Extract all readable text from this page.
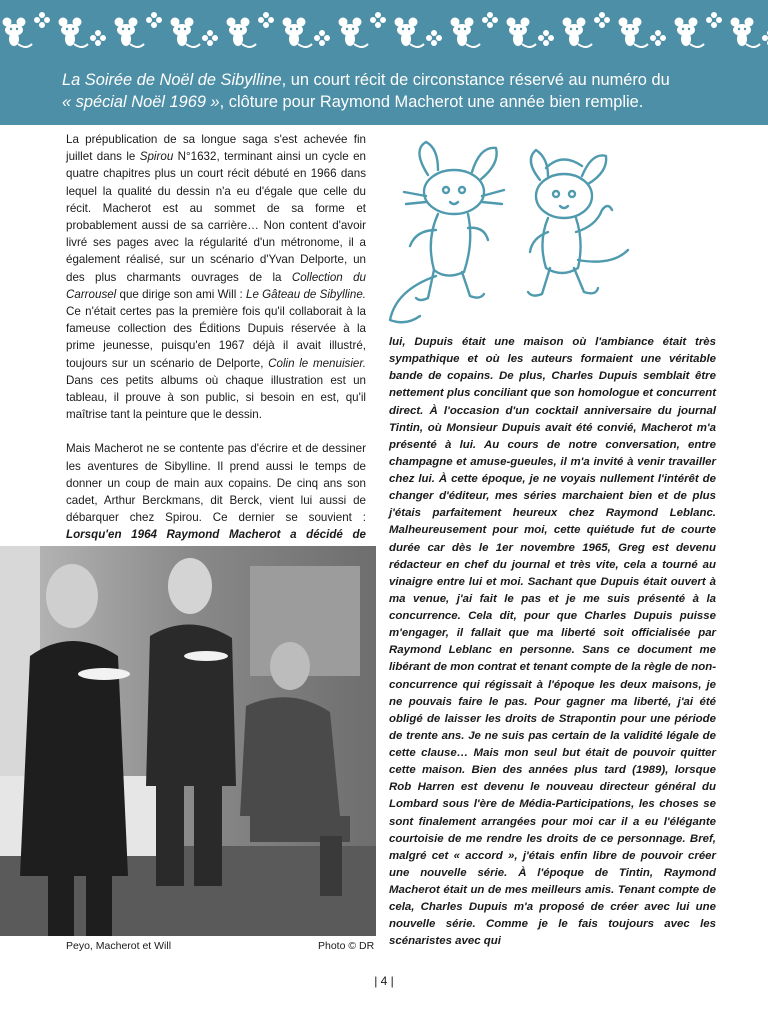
La Soirée de Noël de Sibylline, un court récit de circonstance réservé au numéro du
« spécial Noël 1969 », clôture pour Raymond Macherot une année bien remplie.

La prépublication de sa longue saga s'est achevée fin juillet dans le Spirou N°1632, terminant ainsi un cycle en quatre chapitres plus un court récit débuté en 1966 dans lequel la qualité du dessin n'a eu d'égale que celle du récit. Macherot est au sommet de sa forme et probablement aussi de sa carrière… Non content d'avoir livré ses pages avec la régularité d'un métronome, il a également réalisé, sur un scénario d'Yvan Delporte, un des plus charmants ouvrages de la Collection du Carrousel que dirige son ami Will : Le Gâteau de Sibylline. Ce n'était certes pas la première fois qu'il collaborait à la fameuse collection des Éditions Dupuis réservée à la prime jeunesse, puisqu'en 1967 déjà il avait illustré, toujours sur un scénario de Delporte, Colin le menuisier. Dans ces petits albums où chaque illustration est un tableau, il prouve à son public, si besoin en est, qu'il maîtrise tant la peinture que le dessin.

Mais Macherot ne se contente pas d'écrire et de dessiner les aventures de Sibylline. Il prend aussi le temps de donner un coup de main aux copains. De cinq ans son cadet, Arthur Berckmans, dit Berck, vient lui aussi de débarquer chez Spirou. Ce dernier se souvient : Lorsqu'en 1964 Raymond Macherot a décidé de

lui, Dupuis était une maison où l'ambiance était très sympathique et où les auteurs formaient une véritable bande de copains. De plus, Charles Dupuis semblait être nettement plus conciliant que son homologue et concurrent direct. À l'occasion d'un cocktail anniversaire du journal Tintin, où Monsieur Dupuis avait été convié, Macherot m'a présenté à lui. Au cours de notre conversation, entre champagne et amuse-gueules, il m'a invité à venir travailler chez lui. À cette époque, je ne voyais nullement l'intérêt de changer d'éditeur, mes séries marchaient bien et de plus j'étais parfaitement heureux chez Raymond Leblanc. Malheureusement pour moi, cette quiétude fut de courte durée car dès le 1er novembre 1965, Greg est devenu rédacteur en chef du journal et très vite, cela a tourné au vinaigre entre lui et moi. Sachant que Dupuis était ouvert à ma venue, j'ai fait le pas et je me suis présenté à la concurrence. Cela dit, pour que Charles Dupuis puisse m'engager, il fallait que ma liberté soit officialisée par Raymond Leblanc en personne. Sans ce document me libérant de mon contrat et tenant compte de la règle de non-concurrence qui régissait à l'époque les deux maisons, je ne pouvais faire le pas. Pour gagner ma liberté, j'ai été obligé de laisser les droits de Strapontin pour une période de trente ans. Je ne suis pas certain de la validité légale de cette clause… Mais mon seul but était de pouvoir quitter cette maison. Bien des années plus tard (1989), lorsque Rob Harren est devenu le nouveau directeur général du Lombard sous l'ère de Média-Participations, les choses se sont finalement arrangées pour moi car il a eu l'élégante courtoisie de me rendre les droits de ce personnage. Bref, malgré cet « accord », j'étais enfin libre de pouvoir créer une nouvelle série. À l'époque de Tintin, Raymond Macherot était un de mes meilleurs amis. Tenant compte de cela, Charles Dupuis m'a proposé de créer avec lui une nouvelle série. Comme je le fais toujours avec les scénaristes avec qui
Peyo, Macherot et Will	Photo © DR
| 4 |
